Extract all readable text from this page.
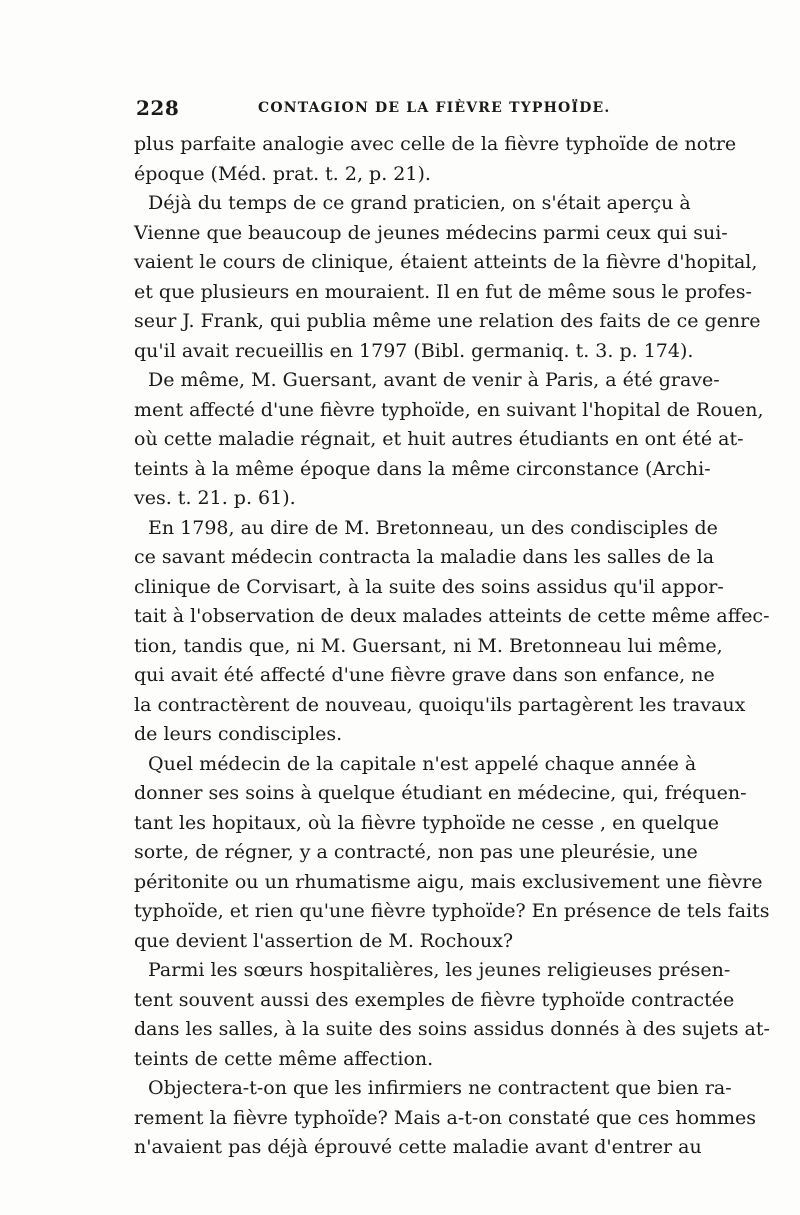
228	CONTAGION DE LA FIÈVRE TYPHOÏDE.
plus parfaite analogie avec celle de la fièvre typhoïde de notre
époque (Méd. prat. t. 2, p. 21).
Déjà du temps de ce grand praticien, on s'était aperçu à
Vienne que beaucoup de jeunes médecins parmi ceux qui sui-
vaient le cours de clinique, étaient atteints de la fièvre d'hopital,
et que plusieurs en mouraient. Il en fut de même sous le profes-
seur J. Frank, qui publia même une relation des faits de ce genre
qu'il avait recueillis en 1797 (Bibl. germaniq. t. 3. p. 174).
De même, M. Guersant, avant de venir à Paris, a été grave-
ment affecté d'une fièvre typhoïde, en suivant l'hopital de Rouen,
où cette maladie régnait, et huit autres étudiants en ont été at-
teints à la même époque dans la même circonstance (Archi-
ves. t. 21. p. 61).
En 1798, au dire de M. Bretonneau, un des condisciples de
ce savant médecin contracta la maladie dans les salles de la
clinique de Corvisart, à la suite des soins assidus qu'il appor-
tait à l'observation de deux malades atteints de cette même affec-
tion, tandis que, ni M. Guersant, ni M. Bretonneau lui même,
qui avait été affecté d'une fièvre grave dans son enfance, ne
la contractèrent de nouveau, quoiqu'ils partagèrent les travaux
de leurs condisciples.
Quel médecin de la capitale n'est appelé chaque année à
donner ses soins à quelque étudiant en médecine, qui, fréquen-
tant les hopitaux, où la fièvre typhoïde ne cesse , en quelque
sorte, de régner, y a contracté, non pas une pleurésie, une
péritonite ou un rhumatisme aigu, mais exclusivement une fièvre
typhoïde, et rien qu'une fièvre typhoïde? En présence de tels faits
que devient l'assertion de M. Rochoux?
Parmi les sœurs hospitalières, les jeunes religieuses présen-
tent souvent aussi des exemples de fièvre typhoïde contractée
dans les salles, à la suite des soins assidus donnés à des sujets at-
teints de cette même affection.
Objectera-t-on que les infirmiers ne contractent que bien ra-
rement la fièvre typhoïde? Mais a-t-on constaté que ces hommes
n'avaient pas déjà éprouvé cette maladie avant d'entrer au
